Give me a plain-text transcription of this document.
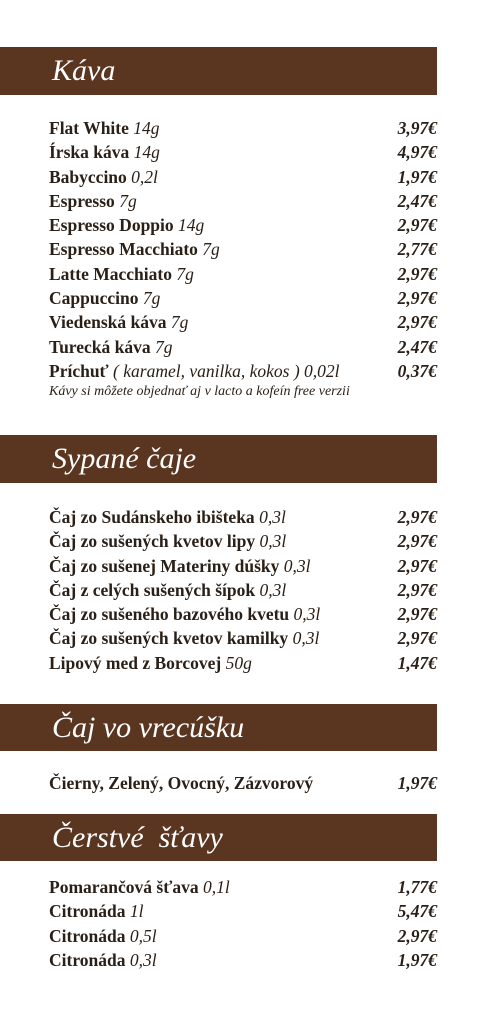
Káva
Flat White 14g	3,97€
Írska káva 14g	4,97€
Babyccino 0,2l	1,97€
Espresso 7g	2,47€
Espresso Doppio 14g	2,97€
Espresso Macchiato 7g	2,77€
Latte Macchiato 7g	2,97€
Cappuccino 7g	2,97€
Viedenská káva 7g	2,97€
Turecká káva 7g	2,47€
Príchuť ( karamel, vanilka, kokos ) 0,02l	0,37€
Kávy si môžete objednať aj v lacto a kofeín free verzii
Sypané čaje
Čaj zo Sudánskeho ibišteka 0,3l	2,97€
Čaj zo sušených kvetov lipy 0,3l	2,97€
Čaj zo sušenej Materiny dúšky 0,3l	2,97€
Čaj z celých sušených šípok 0,3l	2,97€
Čaj zo sušeného bazového kvetu 0,3l	2,97€
Čaj zo sušených kvetov kamilky 0,3l	2,97€
Lipový med z Borcovej 50g	1,47€
Čaj vo vrecúšku
Čierny, Zelený, Ovocný, Zázvorový	1,97€
Čerstvé  šťavy
Pomarančová šťava 0,1l	1,77€
Citronáda 1l	5,47€
Citronáda 0,5l	2,97€
Citronáda 0,3l	1,97€
